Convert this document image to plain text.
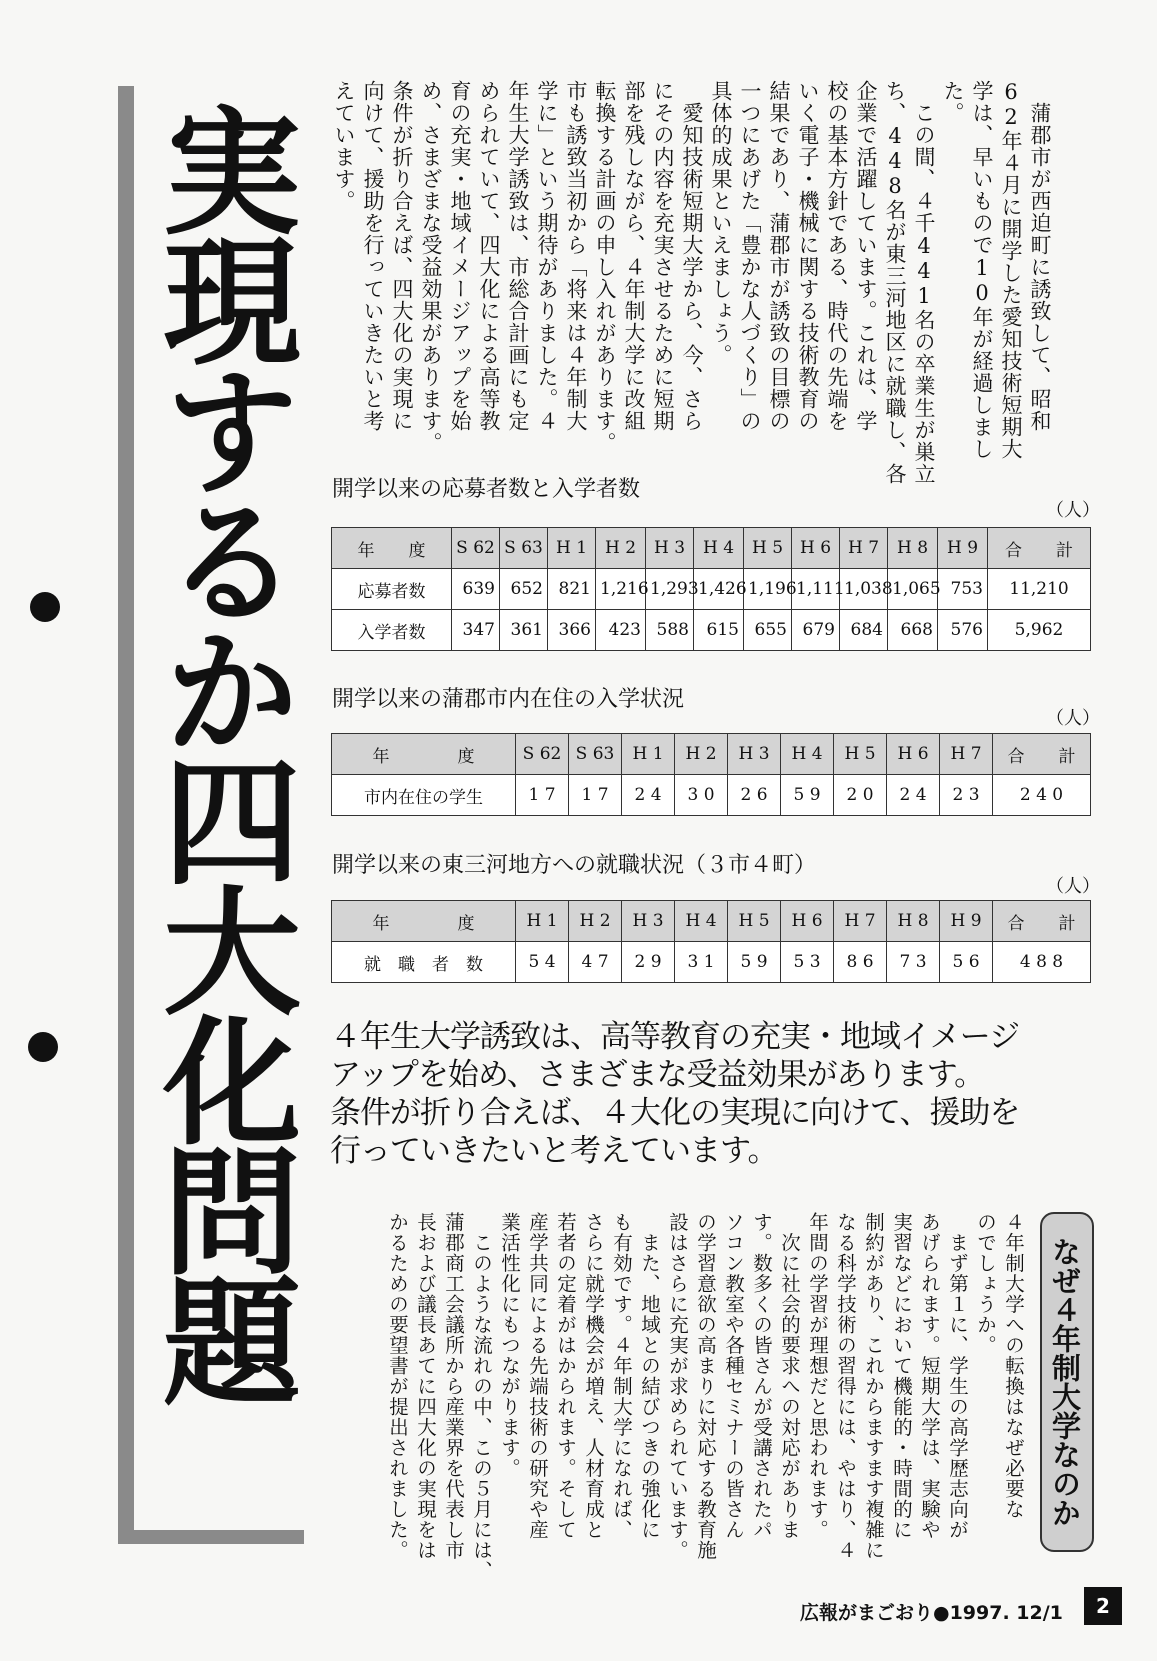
実現するか四大化問題	　蒲郡市が西迫町に誘致して、昭和
62年４月に開学した愛知技術短期大
学は、早いもので10年が経過しまし
た。
　この間、４千441名の卒業生が巣立
ち、448名が東三河地区に就職し、各
企業で活躍しています。これは、学
校の基本方針である、時代の先端を
いく電子・機械に関する技術教育の
結果であり、蒲郡市が誘致の目標の
一つにあげた「豊かな人づくり」の
具体的成果といえましょう。
　愛知技術短期大学から、今、さら
にその内容を充実させるために短期
部を残しながら、４年制大学に改組
転換する計画の申し入れがあります。
市も誘致当初から「将来は４年制大
学に」という期待がありました。４
年生大学誘致は、市総合計画にも定
められていて、四大化による高等教
育の充実・地域イメージアップを始
め、さまざまな受益効果があります。
条件が折り合えば、四大化の実現に
向けて、援助を行っていきたいと考
えています。
開学以来の応募者数と入学者数
（人）
年　　度	S 62	S 63	H 1	H 2	H 3	H 4	H 5	H 6	H 7	H 8	H 9	合　　計
応募者数	639	652	821	1,216	1,293	1,426	1,196	1,111	1,038	1,065	753	11,210
入学者数	347	361	366	423	588	615	655	679	684	668	576	5,962
開学以来の蒲郡市内在住の入学状況
（人）
年　　　　度	S 62	S 63	H 1	H 2	H 3	H 4	H 5	H 6	H 7	合　　計
市内在住の学生	1 7	1 7	2 4	3 0	2 6	5 9	2 0	2 4	2 3	2 4 0
開学以来の東三河地方への就職状況（３市４町）
（人）
年　　　　度	H 1	H 2	H 3	H 4	H 5	H 6	H 7	H 8	H 9	合　　計
就　職　者　数	5 4	4 7	2 9	3 1	5 9	5 3	8 6	7 3	5 6	4 8 8
４年生大学誘致は、高等教育の充実・地域イメージ
アップを始め、さまざまな受益効果があります。
条件が折り合えば、４大化の実現に向けて、援助を
行っていきたいと考えています。
なぜ４年制大学なのか
４年制大学への転換はなぜ必要な
のでしょうか。
　まず第１に、学生の高学歴志向が
あげられます。短期大学は、実験や
実習などにおいて機能的・時間的に
制約があり、これからますます複雑に
なる科学技術の習得には、やはり、４
年間の学習が理想だと思われます。
　次に社会的要求への対応がありま
す。数多くの皆さんが受講されたパ
ソコン教室や各種セミナーの皆さん
の学習意欲の高まりに対応する教育施
設はさらに充実が求められています。
　また、地域との結びつきの強化に
も有効です。４年制大学になれば、
さらに就学機会が増え、人材育成と
若者の定着がはかられます。そして
産学共同による先端技術の研究や産
業活性化にもつながります。
　このような流れの中、この５月には、
蒲郡商工会議所から産業界を代表し市
長および議長あてに四大化の実現をは
かるための要望書が提出されました。
広報がまごおり●1997. 12/1	2
